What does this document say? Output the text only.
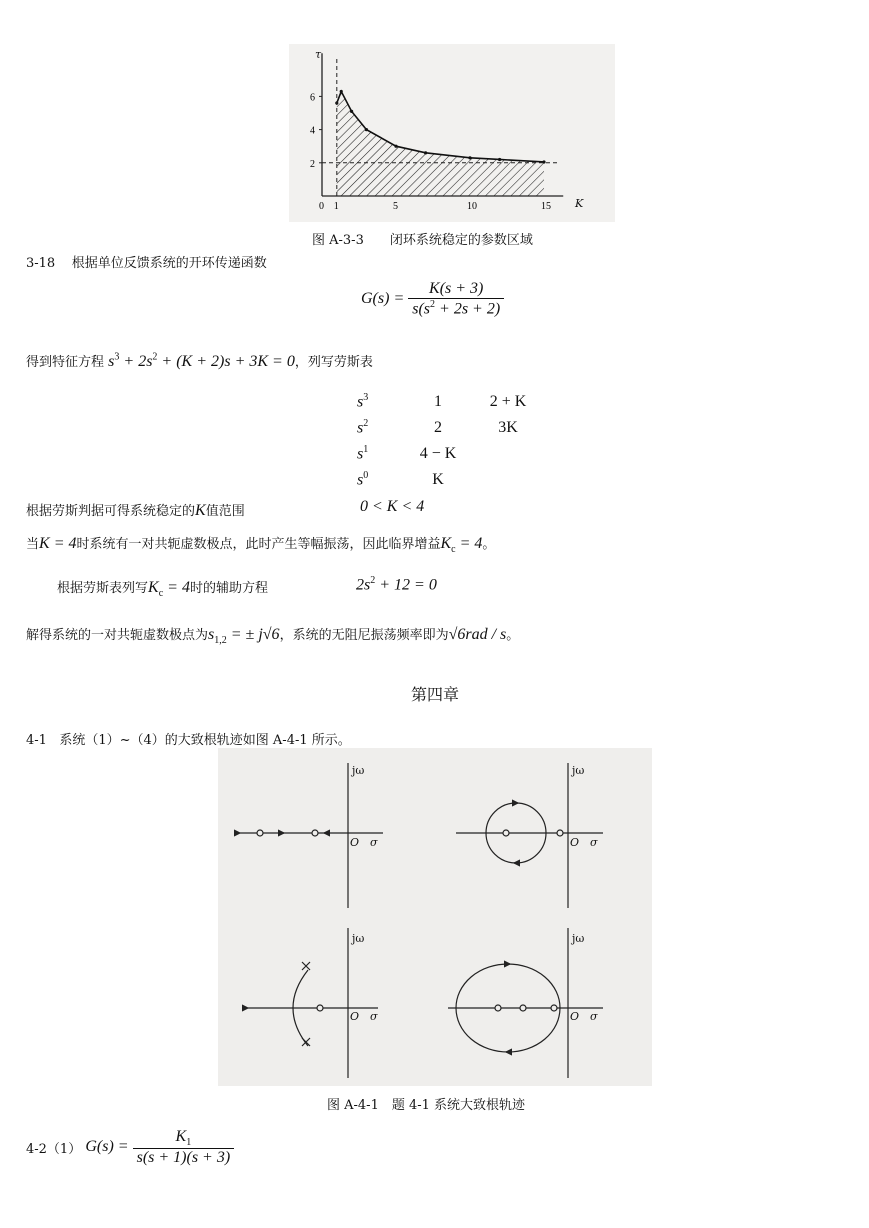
2
4
6
0 1	5	10	15
τ
K
图 A-3-3　　闭环系统稳定的参数区域
3-18 根据单位反馈系统的开环传递函数
$G(s) = \frac{K(s + 3)}{s(s^2 + 2s + 2)}$
得到特征方程 $s^3 + 2s^2 + (K + 2)s + 3K = 0$，列写劳斯表
$s^3$	1	2 + K
$s^2$	2	3K
$s^1$	4 − K	
$s^0$	K	
根据劳斯判据可得系统稳定的K值范围	0 < K < 4
当K = 4时系统有一对共轭虚数极点，此时产生等幅振荡，因此临界增益$K_c = 4$。
根据劳斯表列写$K_c = 4$时的辅助方程	$2s^2 + 12 = 0$
解得系统的一对共轭虚数极点为$s_{1,2}$ = ± j√6，系统的无阻尼振荡频率即为√6rad / s。
第四章
4-1 系统（1）~（4）的大致根轨迹如图 A-4-1 所示。
jω	jω
jω	jω
O	O
O	O
σ	σ
σ	σ
图 A-4-1　题 4-1 系统大致根轨迹
4-2（1） $G(s) = \frac{K_1}{s(s + 1)(s + 3)}$
